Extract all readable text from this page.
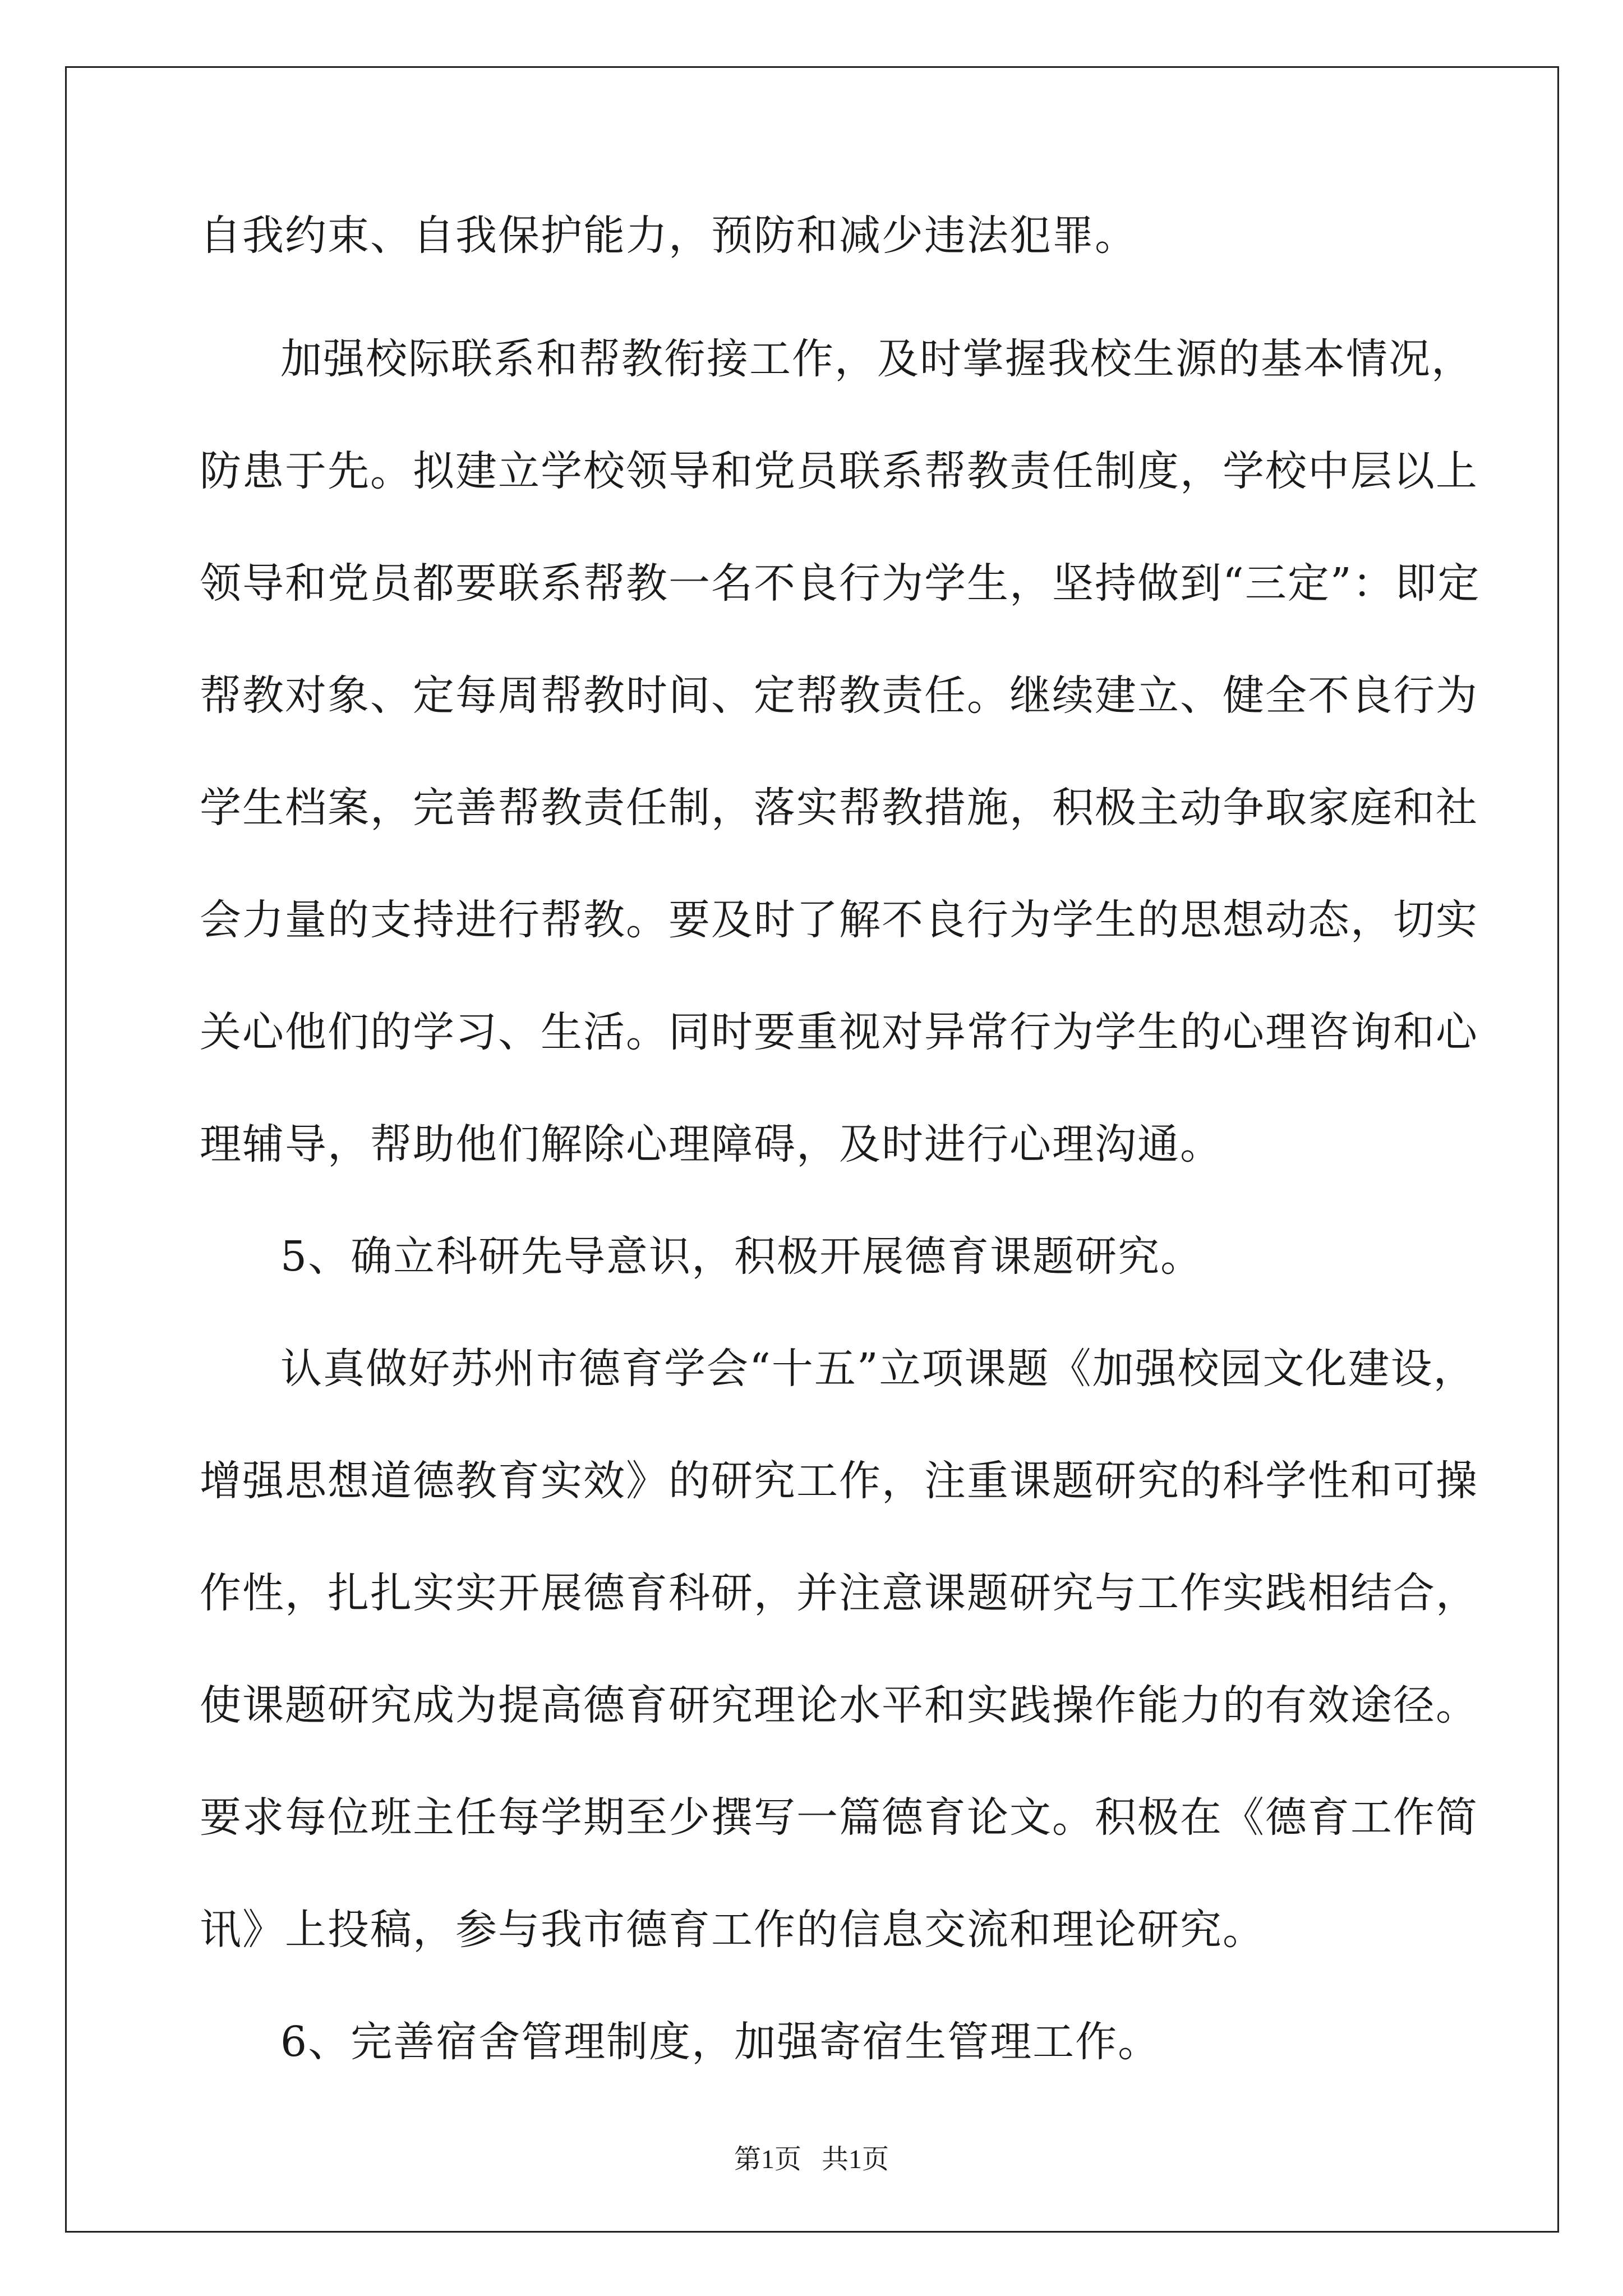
自我约束、自我保护能力，预防和减少违法犯罪。
加强校际联系和帮教衔接工作，及时掌握我校生源的基本情况，
防患于先。拟建立学校领导和党员联系帮教责任制度，学校中层以上
领导和党员都要联系帮教一名不良行为学生，坚持做到“三定”：即定
帮教对象、定每周帮教时间、定帮教责任。继续建立、健全不良行为
学生档案，完善帮教责任制，落实帮教措施，积极主动争取家庭和社
会力量的支持进行帮教。要及时了解不良行为学生的思想动态，切实
关心他们的学习、生活。同时要重视对异常行为学生的心理咨询和心
理辅导，帮助他们解除心理障碍，及时进行心理沟通。
5、确立科研先导意识，积极开展德育课题研究。
认真做好苏州市德育学会“十五”立项课题《加强校园文化建设，
增强思想道德教育实效》的研究工作，注重课题研究的科学性和可操
作性，扎扎实实开展德育科研，并注意课题研究与工作实践相结合，
使课题研究成为提高德育研究理论水平和实践操作能力的有效途径。
要求每位班主任每学期至少撰写一篇德育论文。积极在《德育工作简
讯》上投稿，参与我市德育工作的信息交流和理论研究。
6、完善宿舍管理制度，加强寄宿生管理工作。
第1页 共1页
